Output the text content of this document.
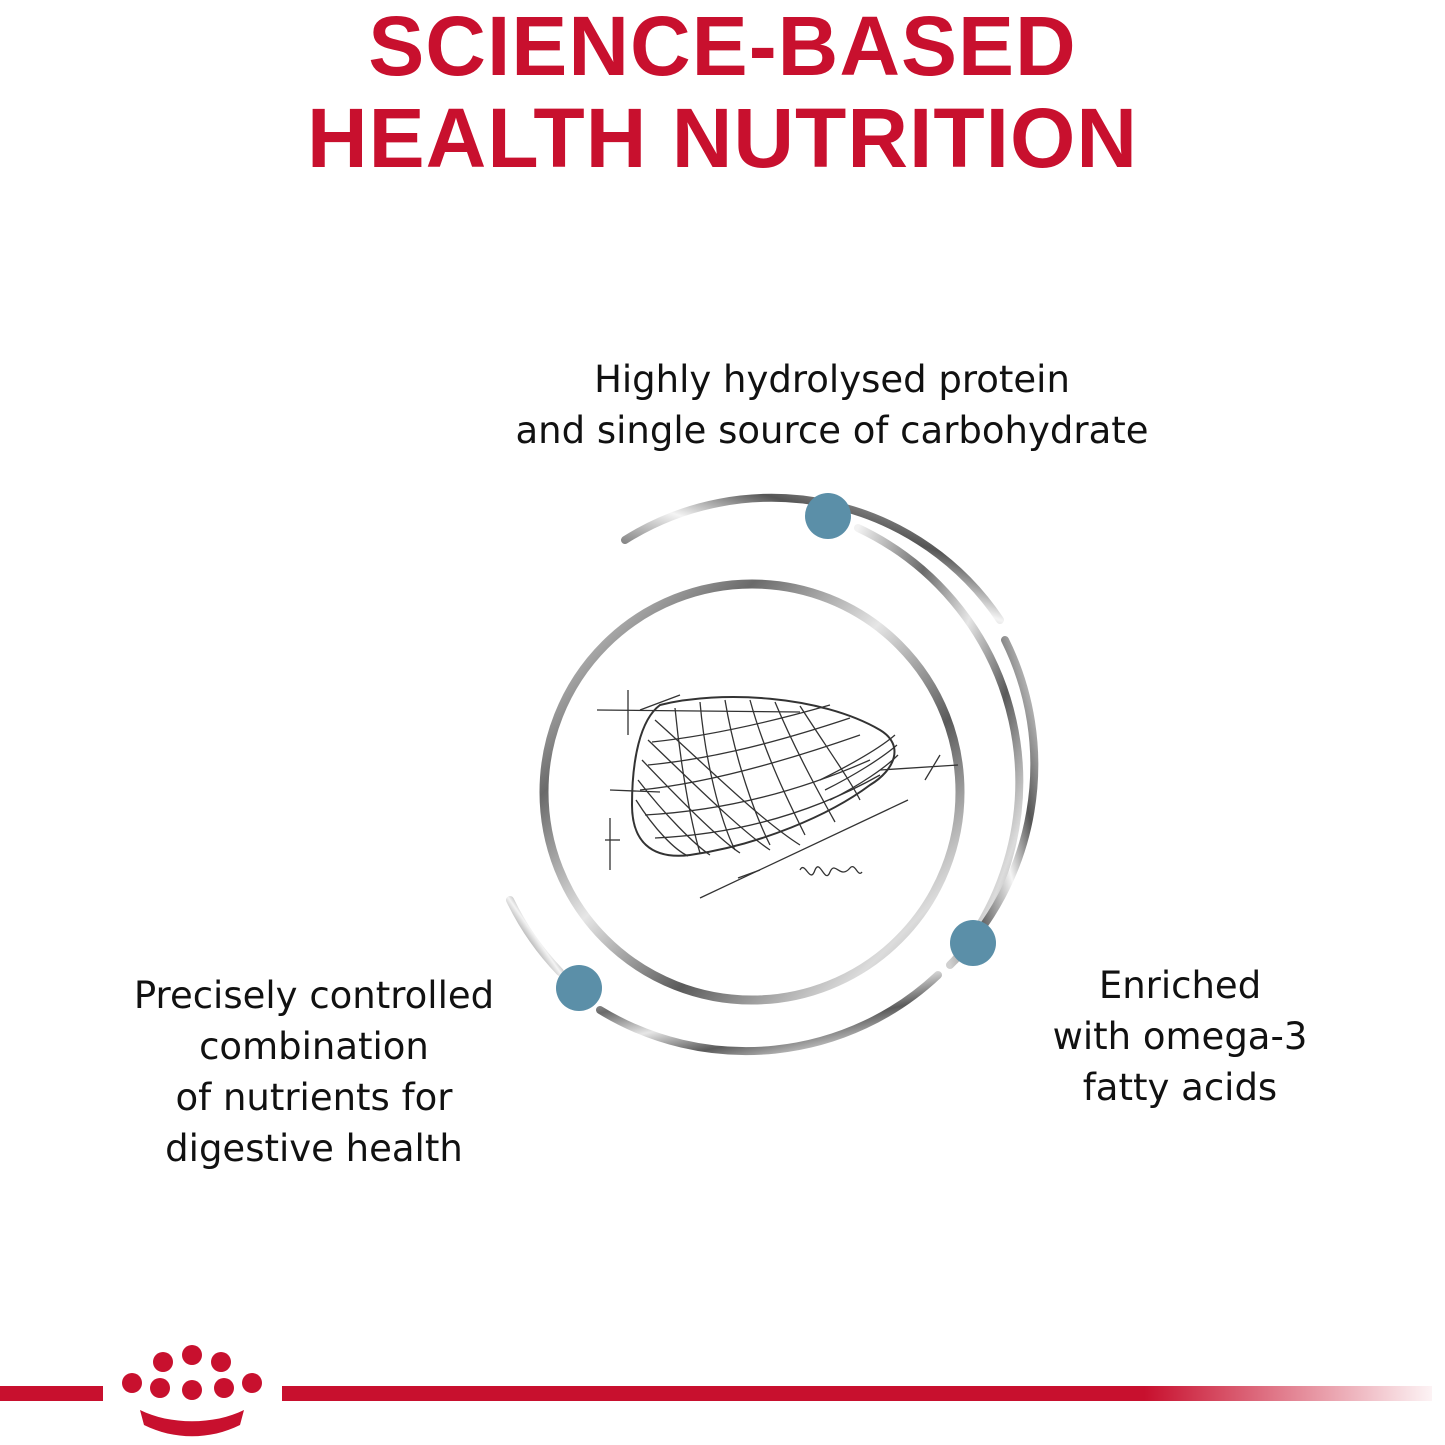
SCIENCE-BASED
HEALTH NUTRITION
Highly hydrolysed protein
and single source of carbohydrate
Precisely controlled
combination
of nutrients for
digestive health
Enriched
with omega-3
fatty acids
